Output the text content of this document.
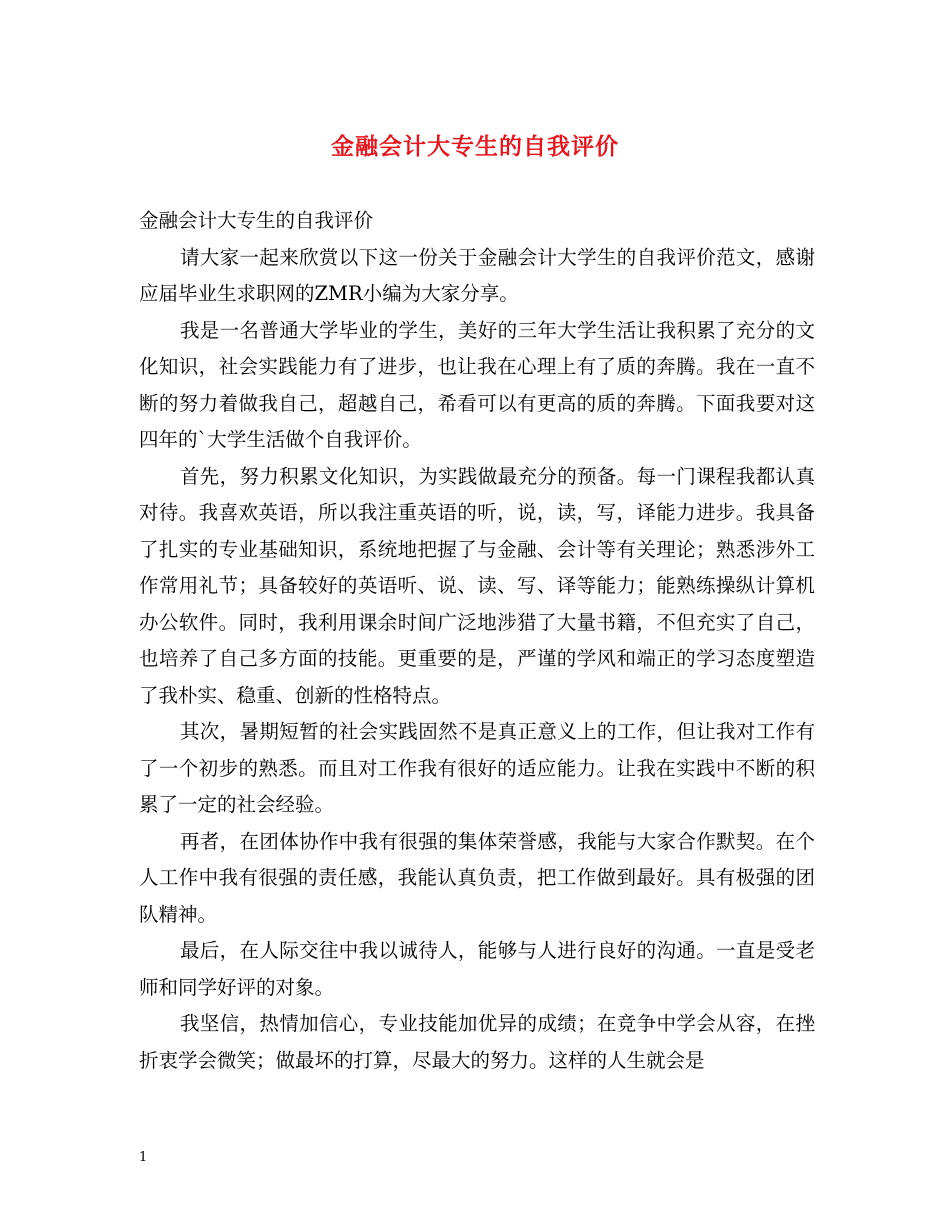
金融会计大专生的自我评价

金融会计大专生的自我评价

请大家一起来欣赏以下这一份关于金融会计大学生的自我评价范文，感谢应届毕业生求职网的ZMR小编为大家分享。

我是一名普通大学毕业的学生，美好的三年大学生活让我积累了充分的文化知识，社会实践能力有了进步，也让我在心理上有了质的奔腾。我在一直不断的努力着做我自己，超越自己，希看可以有更高的质的奔腾。下面我要对这四年的`大学生活做个自我评价。

首先，努力积累文化知识，为实践做最充分的预备。每一门课程我都认真对待。我喜欢英语，所以我注重英语的听，说，读，写，译能力进步。我具备了扎实的专业基础知识，系统地把握了与金融、会计等有关理论；熟悉涉外工作常用礼节；具备较好的英语听、说、读、写、译等能力；能熟练操纵计算机办公软件。同时，我利用课余时间广泛地涉猎了大量书籍，不但充实了自己，也培养了自己多方面的技能。更重要的是，严谨的学风和端正的学习态度塑造了我朴实、稳重、创新的性格特点。

其次，暑期短暂的社会实践固然不是真正意义上的工作，但让我对工作有了一个初步的熟悉。而且对工作我有很好的适应能力。让我在实践中不断的积累了一定的社会经验。

再者，在团体协作中我有很强的集体荣誉感，我能与大家合作默契。在个人工作中我有很强的责任感，我能认真负责，把工作做到最好。具有极强的团队精神。

最后，在人际交往中我以诚待人，能够与人进行良好的沟通。一直是受老师和同学好评的对象。

我坚信，热情加信心，专业技能加优异的成绩；在竞争中学会从容，在挫折衷学会微笑；做最坏的打算，尽最大的努力。这样的人生就会是

1
